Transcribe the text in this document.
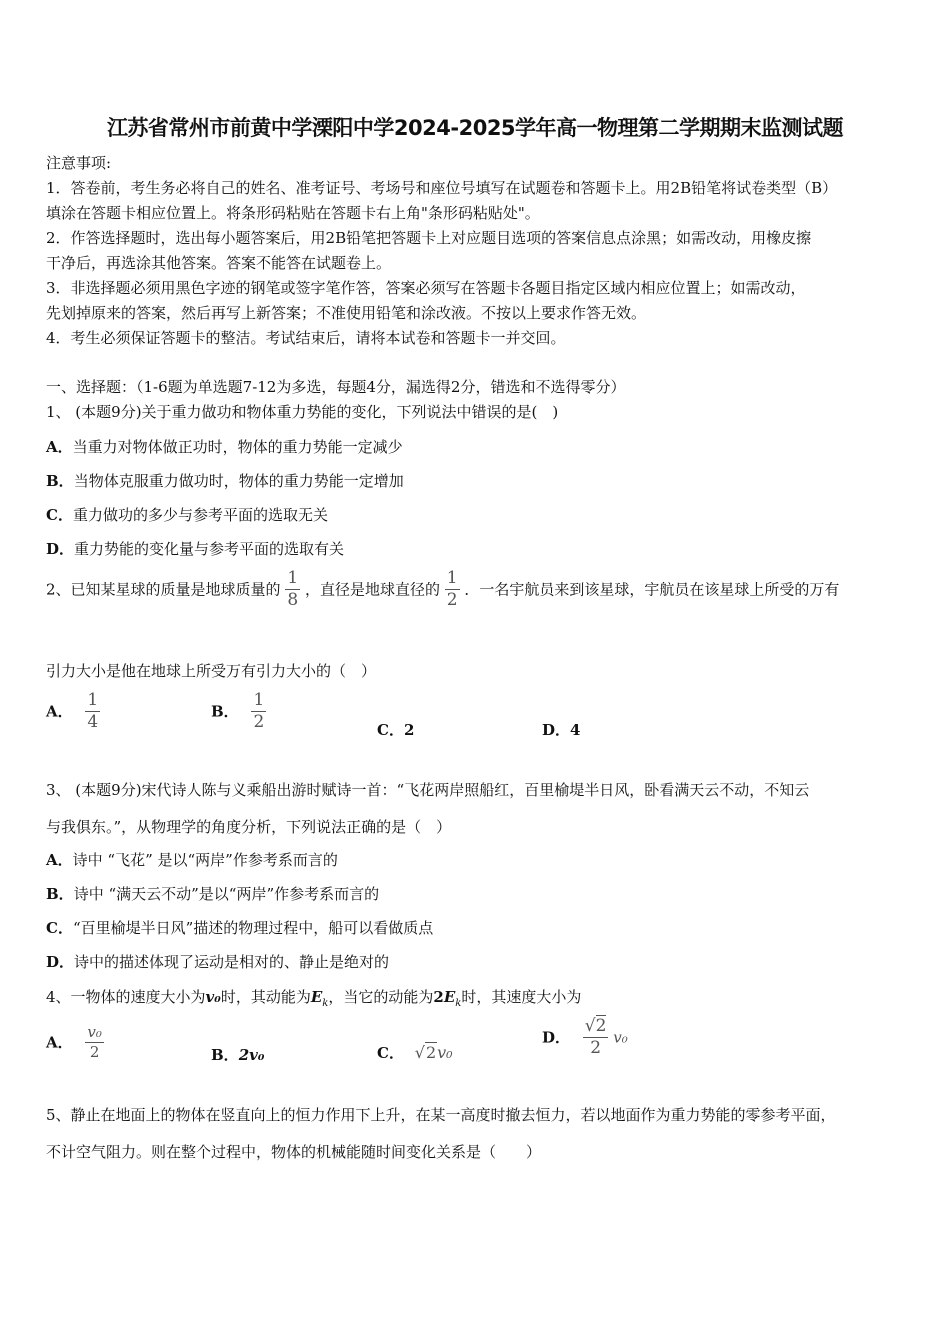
江苏省常州市前黄中学溧阳中学2024-2025学年高一物理第二学期期末监测试题
注意事项:
1．答卷前，考生务必将自己的姓名、准考证号、考场号和座位号填写在试题卷和答题卡上。用2B铅笔将试卷类型（B）
填涂在答题卡相应位置上。将条形码粘贴在答题卡右上角"条形码粘贴处"。
2．作答选择题时，选出每小题答案后，用2B铅笔把答题卡上对应题目选项的答案信息点涂黑；如需改动，用橡皮擦
干净后，再选涂其他答案。答案不能答在试题卷上。
3．非选择题必须用黑色字迹的钢笔或签字笔作答，答案必须写在答题卡各题目指定区域内相应位置上；如需改动，
先划掉原来的答案，然后再写上新答案；不准使用铅笔和涂改液。不按以上要求作答无效。
4．考生必须保证答题卡的整洁。考试结束后，请将本试卷和答题卡一并交回。
一、选择题：（1-6题为单选题7-12为多选，每题4分，漏选得2分，错选和不选得零分）
1、 (本题9分)关于重力做功和物体重力势能的变化，下列说法中错误的是(　)
A．当重力对物体做正功时，物体的重力势能一定减少
B．当物体克服重力做功时，物体的重力势能一定增加
C．重力做功的多少与参考平面的选取无关
D．重力势能的变化量与参考平面的选取有关
2、已知某星球的质量是地球质量的 $\frac{1}{8}$ ，直径是地球直径的 $\frac{1}{2}$ ．一名宇航员来到该星球，宇航员在该星球上所受的万有
引力大小是他在地球上所受万有引力大小的（　）
A． $\frac{1}{4}$	B． $\frac{1}{2}$	C．2	D．4
3、 (本题9分)宋代诗人陈与义乘船出游时赋诗一首：“飞花两岸照船红，百里榆堤半日风，卧看满天云不动，不知云
与我俱东。”，从物理学的角度分析，下列说法正确的是（　）
A．诗中 “飞花” 是以“两岸”作参考系而言的
B．诗中 “满天云不动”是以“两岸”作参考系而言的
C．“百里榆堤半日风”描述的物理过程中，船可以看做质点
D．诗中的描述体现了运动是相对的、静止是绝对的
4、一物体的速度大小为v₀时，其动能为$E_k$，当它的动能为$2E_k$时，其速度大小为
A． $\frac{\text{v₀}}{2}$	B．2v₀	C． √2v₀
D． $\frac{√2}{2} v_0$
5、静止在地面上的物体在竖直向上的恒力作用下上升，在某一高度时撤去恒力，若以地面作为重力势能的零参考平面，
不计空气阻力。则在整个过程中，物体的机械能随时间变化关系是（　　）
